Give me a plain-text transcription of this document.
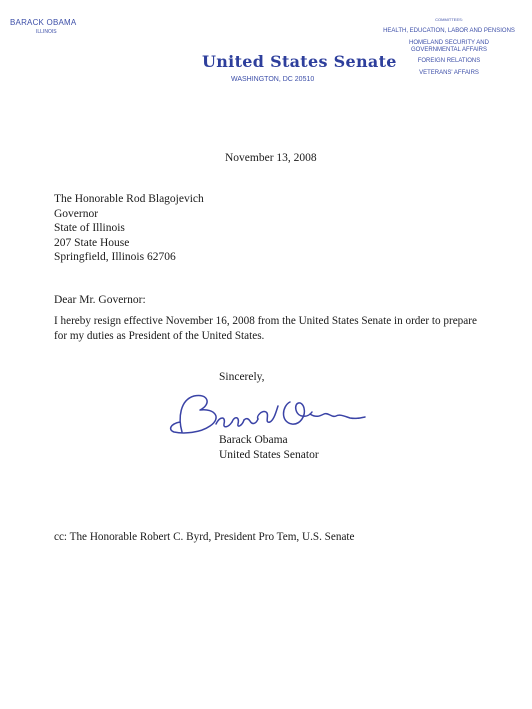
BARACK OBAMA
ILLINOIS
United States Senate
WASHINGTON, DC 20510
COMMITTEES:
HEALTH, EDUCATION, LABOR AND PENSIONS
HOMELAND SECURITY AND
GOVERNMENTAL AFFAIRS
FOREIGN RELATIONS
VETERANS' AFFAIRS
November 13, 2008
The Honorable Rod Blagojevich
Governor
State of Illinois
207 State House
Springfield, Illinois 62706
Dear Mr. Governor:
I hereby resign effective November 16, 2008 from the United States Senate in order to prepare
for my duties as President of the United States.
Sincerely,
Barack Obama
United States Senator
cc: The Honorable Robert C. Byrd, President Pro Tem, U.S. Senate
